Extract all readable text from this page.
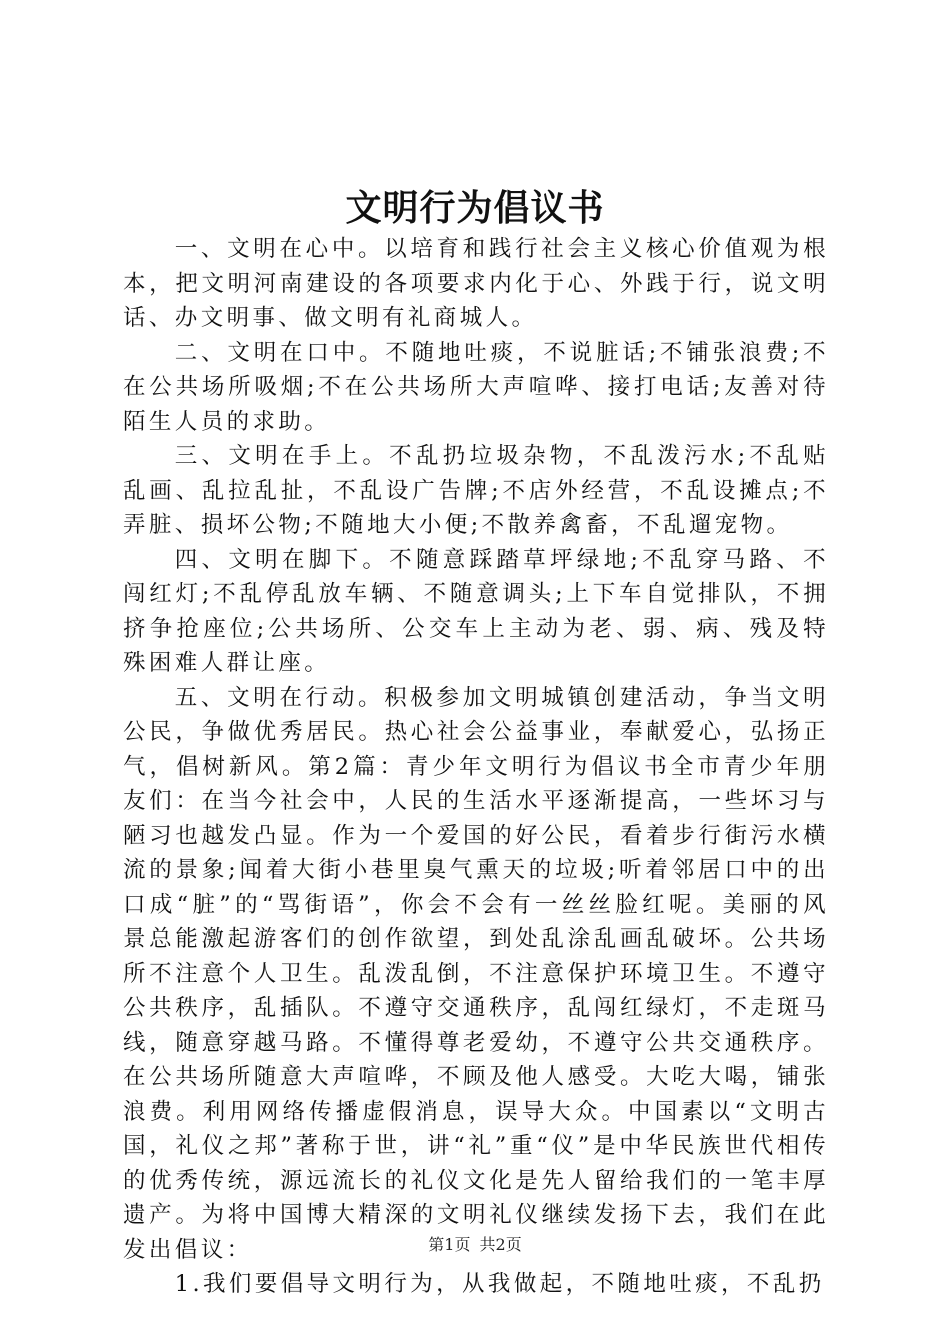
文明行为倡议书

一、文明在心中。以培育和践行社会主义核心价值观为根本，把文明河南建设的各项要求内化于心、外践于行，说文明话、办文明事、做文明有礼商城人。

二、文明在口中。不随地吐痰，不说脏话;不铺张浪费;不在公共场所吸烟;不在公共场所大声喧哗、接打电话;友善对待陌生人员的求助。

三、文明在手上。不乱扔垃圾杂物，不乱泼污水;不乱贴乱画、乱拉乱扯，不乱设广告牌;不店外经营，不乱设摊点;不弄脏、损坏公物;不随地大小便;不散养禽畜，不乱遛宠物。

四、文明在脚下。不随意踩踏草坪绿地;不乱穿马路、不闯红灯;不乱停乱放车辆、不随意调头;上下车自觉排队，不拥挤争抢座位;公共场所、公交车上主动为老、弱、病、残及特殊困难人群让座。

五、文明在行动。积极参加文明城镇创建活动，争当文明公民，争做优秀居民。热心社会公益事业，奉献爱心，弘扬正气，倡树新风。第2篇：青少年文明行为倡议书全市青少年朋友们：在当今社会中，人民的生活水平逐渐提高，一些坏习与陋习也越发凸显。作为一个爱国的好公民，看着步行街污水横流的景象;闻着大街小巷里臭气熏天的垃圾;听着邻居口中的出口成“脏”的“骂街语”，你会不会有一丝丝脸红呢。美丽的风景总能激起游客们的创作欲望，到处乱涂乱画乱破坏。公共场所不注意个人卫生。乱泼乱倒，不注意保护环境卫生。不遵守公共秩序，乱插队。不遵守交通秩序，乱闯红绿灯，不走斑马线，随意穿越马路。不懂得尊老爱幼，不遵守公共交通秩序。在公共场所随意大声喧哗，不顾及他人感受。大吃大喝，铺张浪费。利用网络传播虚假消息，误导大众。中国素以“文明古国，礼仪之邦”著称于世，讲“礼”重“仪”是中华民族世代相传的优秀传统，源远流长的礼仪文化是先人留给我们的一笔丰厚遗产。为将中国博大精深的文明礼仪继续发扬下去，我们在此发出倡议：

1.我们要倡导文明行为，从我做起，不随地吐痰，不乱扔

第1页 共2页
